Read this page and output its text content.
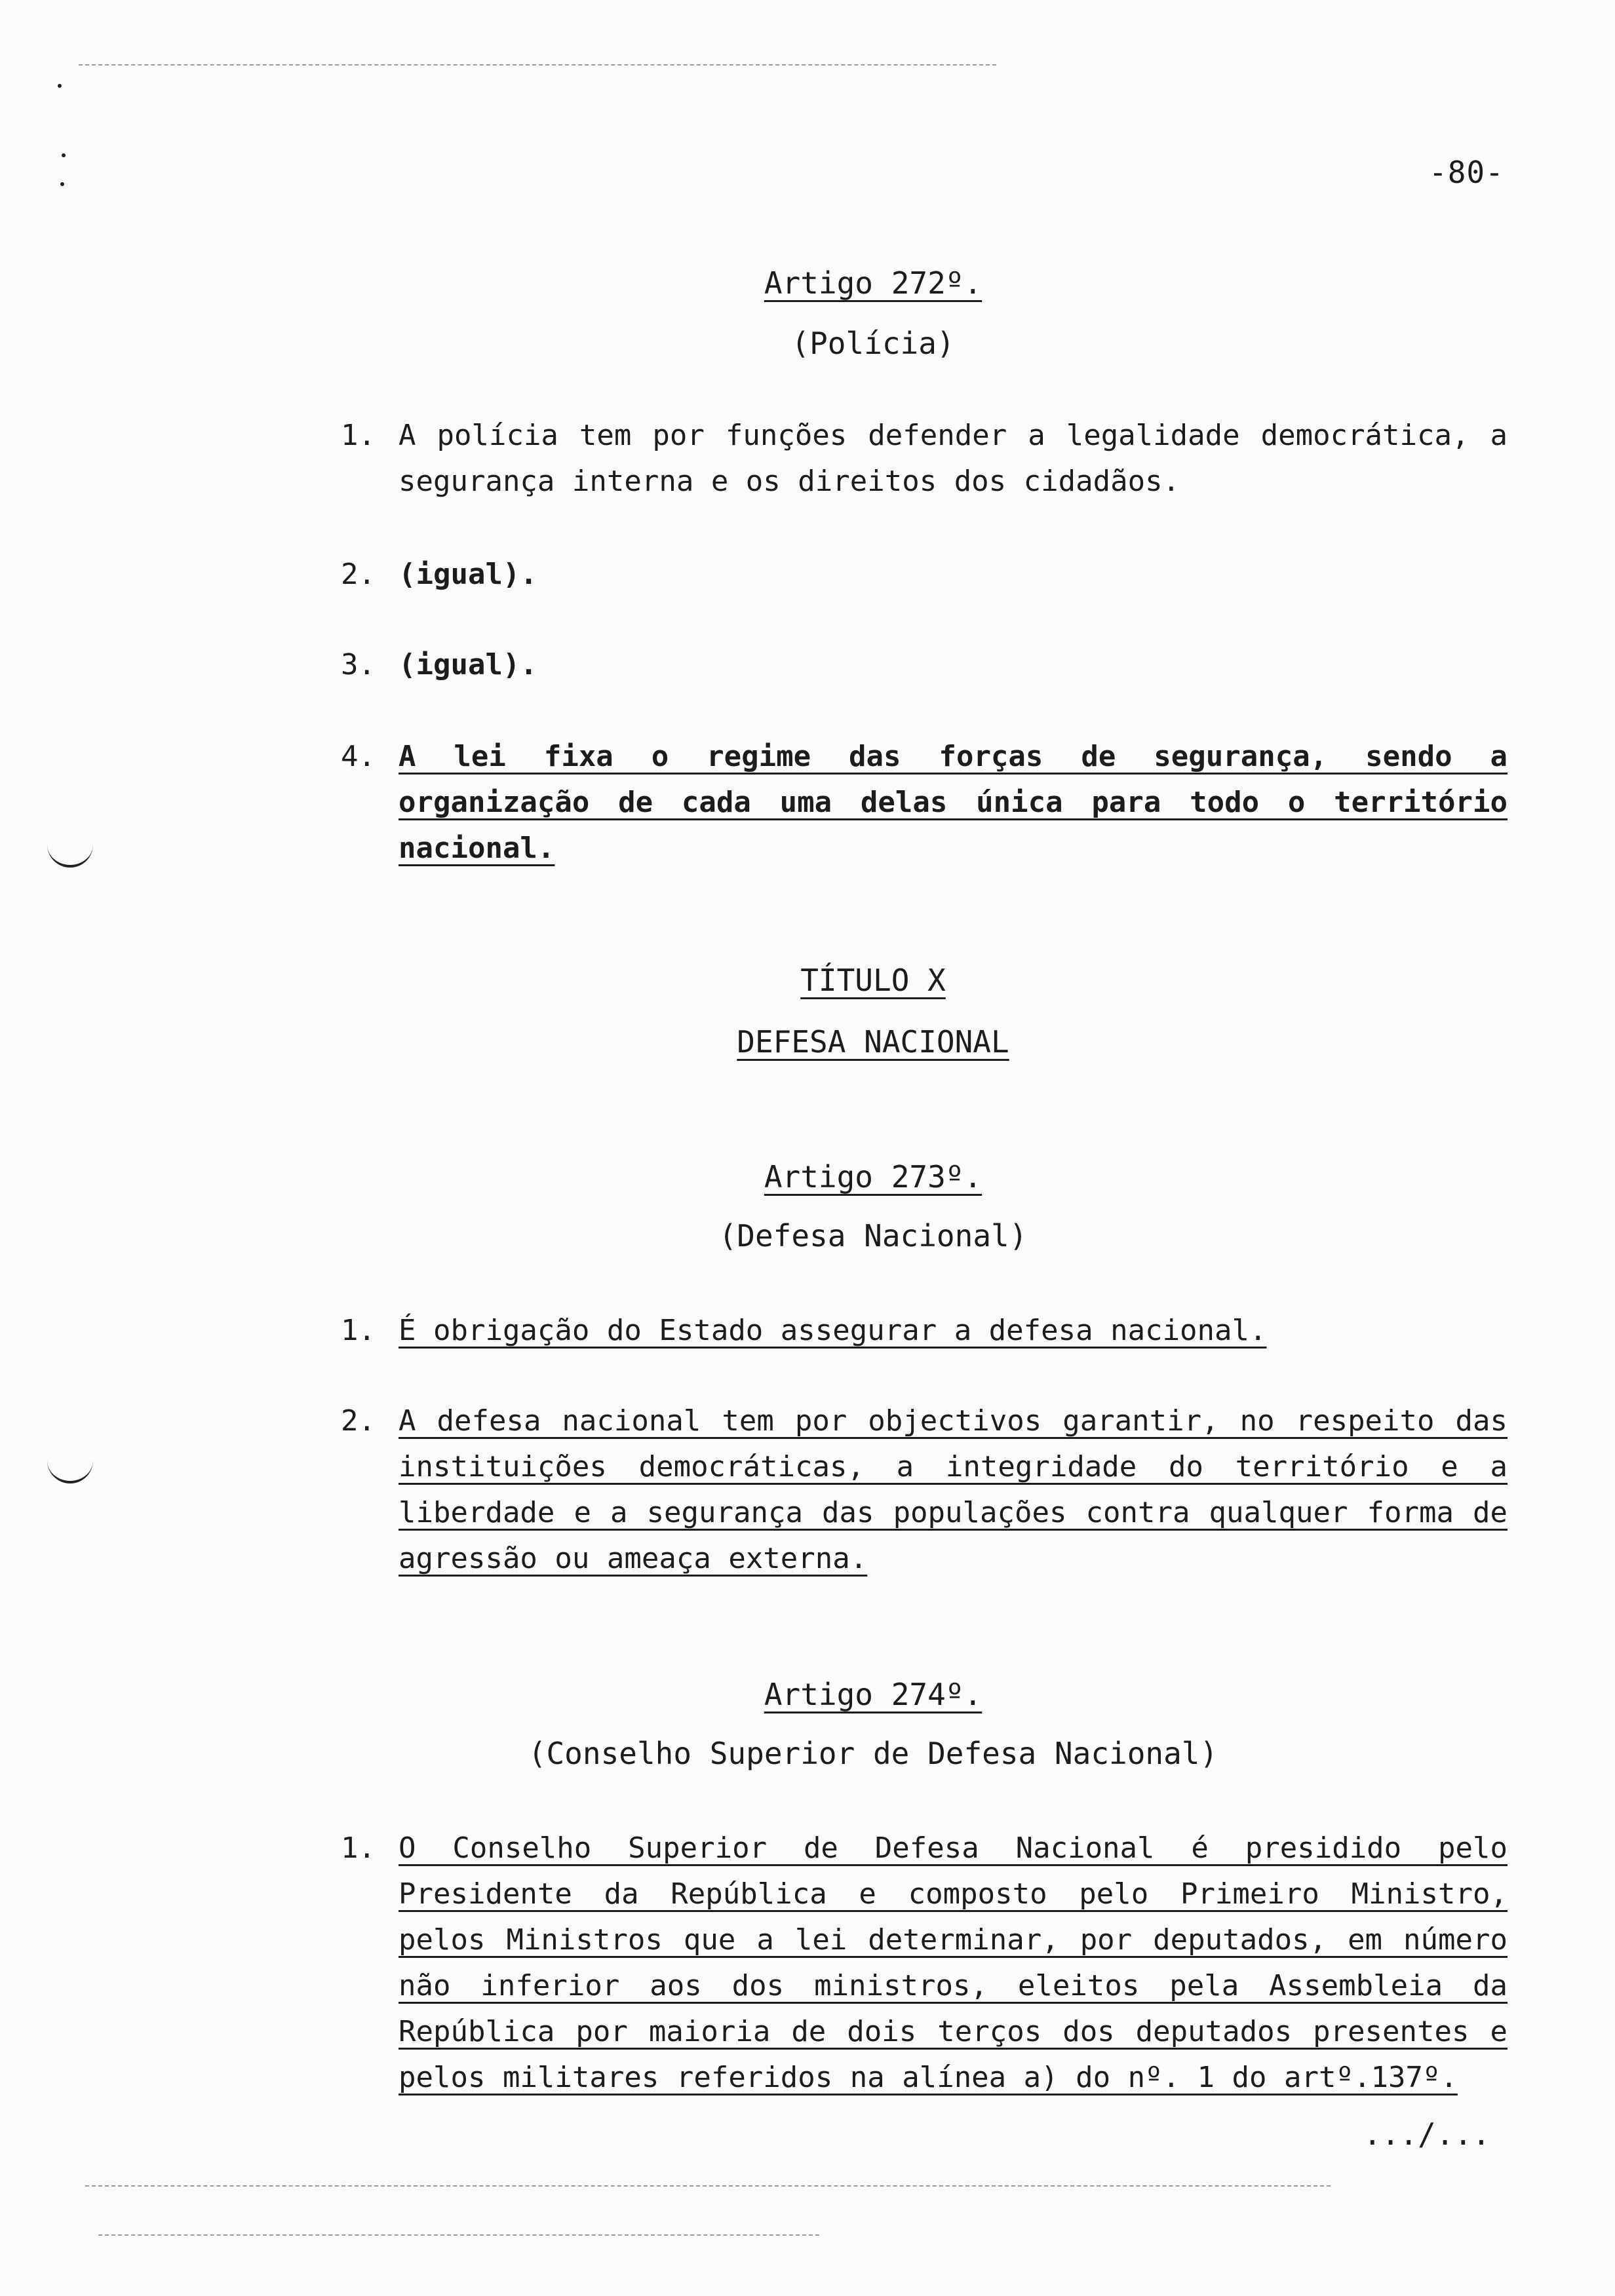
-80-
Artigo 272º.
(Polícia)
1. A polícia tem por funções defender a legalidade democrática, a segurança interna e os direitos dos cidadãos.
2. (igual).
3. (igual).
4. A lei fixa o regime das forças de segurança, sendo a organização de cada uma delas única para todo o território nacional.
TÍTULO X
DEFESA NACIONAL
Artigo 273º.
(Defesa Nacional)
1. É obrigação do Estado assegurar a defesa nacional.
2. A defesa nacional tem por objectivos garantir, no respeito das instituições democráticas, a integridade do território e a liberdade e a segurança das populações contra qualquer forma de agressão ou ameaça externa.
Artigo 274º.
(Conselho Superior de Defesa Nacional)
1. O Conselho Superior de Defesa Nacional é presidido pelo Presidente da República e composto pelo Primeiro Ministro, pelos Ministros que a lei determinar, por deputados, em número não inferior aos dos ministros, eleitos pela Assembleia da República por maioria de dois terços dos deputados presentes e pelos militares referidos na alínea a) do nº. 1 do artº.137º.
.../...
